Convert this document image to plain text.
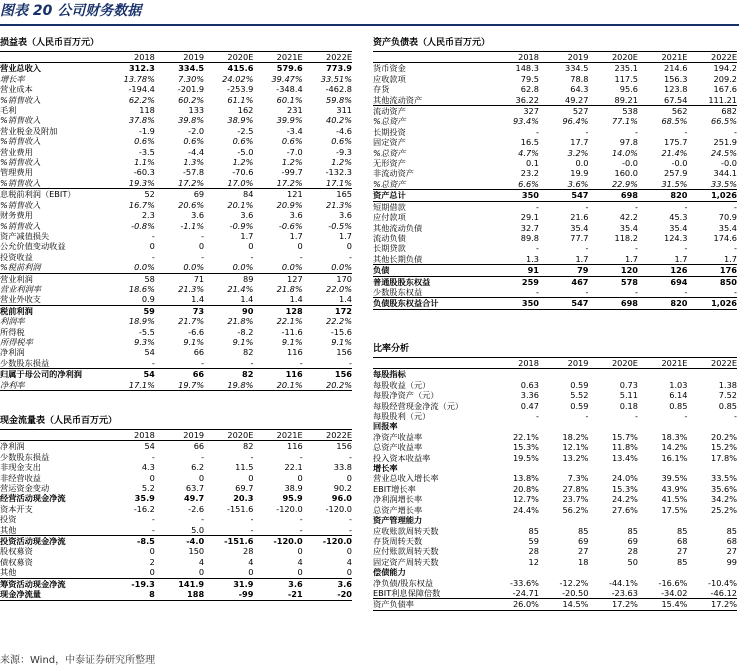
图表 20 公司财务数据
损益表（人民币百万元）
	2018	2019	2020E	2021E	2022E
营业总收入	312.3	334.5	415.6	579.6	773.9
增长率	13.78%	7.30%	24.02%	39.47%	33.51%
营业成本	-194.4	-201.9	-253.9	-348.4	-462.8
%销售收入	62.2%	60.2%	61.1%	60.1%	59.8%
毛利	118	133	162	231	311
%销售收入	37.8%	39.8%	38.9%	39.9%	40.2%
营业税金及附加	-1.9	-2.0	-2.5	-3.4	-4.6
%销售收入	0.6%	0.6%	0.6%	0.6%	0.6%
营业费用	-3.5	-4.4	-5.0	-7.0	-9.3
%销售收入	1.1%	1.3%	1.2%	1.2%	1.2%
管理费用	-60.3	-57.8	-70.6	-99.7	-132.3
%销售收入	19.3%	17.2%	17.0%	17.2%	17.1%
息税前利润（EBIT）	52	69	84	121	165
%销售收入	16.7%	20.6%	20.1%	20.9%	21.3%
财务费用	2.3	3.6	3.6	3.6	3.6
%销售收入	-0.8%	-1.1%	-0.9%	-0.6%	-0.5%
资产减值损失	-	-	1.7	1.7	1.7
公允价值变动收益	0	0	0	0	0
投资收益	-	-	-	-	-
%税前利润	0.0%	0.0%	0.0%	0.0%	0.0%
营业利润	58	71	89	127	170
营业利润率	18.6%	21.3%	21.4%	21.8%	22.0%
营业外收支	0.9	1.4	1.4	1.4	1.4
税前利润	59	73	90	128	172
利润率	18.9%	21.7%	21.8%	22.1%	22.2%
所得税	-5.5	-6.6	-8.2	-11.6	-15.6
所得税率	9.3%	9.1%	9.1%	9.1%	9.1%
净利润	54	66	82	116	156
少数股东损益	-	-	-	-	-
归属于母公司的净利润	54	66	82	116	156
净利率	17.1%	19.7%	19.8%	20.1%	20.2%
现金流量表（人民币百万元）
	2018	2019	2020E	2021E	2022E
净利润	54	66	82	116	156
少数股东损益	-	-	-	-	-
非现金支出	4.3	6.2	11.5	22.1	33.8
非经营收益	0	0	0	0	0
营运资金变动	5.2	63.7	69.7	38.9	90.2
经营活动现金净流	35.9	49.7	20.3	95.9	96.0
资本开支	-16.2	-2.6	-151.6	-120.0	-120.0
投资	-	-	-	-	-
其他	-	5.0	-	-	-
投资活动现金净流	-8.5	-4.0	-151.6	-120.0	-120.0
股权募资	0	150	28	0	0
债权募资	2	4	4	4	4
其他	0	0	0	0	0
筹资活动现金净流	-19.3	141.9	31.9	3.6	3.6
现金净流量	8	188	-99	-21	-20
资产负债表（人民币百万元）
	2018	2019	2020E	2021E	2022E
货币资金	148.3	334.5	235.1	214.6	194.2
应收款项	79.5	78.8	117.5	156.3	209.2
存货	62.8	64.3	95.6	123.8	167.6
其他流动资产	36.22	49.27	89.21	67.54	111.21
流动资产	327	527	538	562	682
%总资产	93.4%	96.4%	77.1%	68.5%	66.5%
长期投资	-	-	-	-	-
固定资产	16.5	17.7	97.8	175.7	251.9
%总资产	4.7%	3.2%	14.0%	21.4%	24.5%
无形资产	0.1	0.0	-0.0	-0.0	-0.0
非流动资产	23.2	19.9	160.0	257.9	344.1
%总资产	6.6%	3.6%	22.9%	31.5%	33.5%
资产总计	350	547	698	820	1,026
短期借款	-	-	-	-	-
应付款项	29.1	21.6	42.2	45.3	70.9
其他流动负债	32.7	35.4	35.4	35.4	35.4
流动负债	89.8	77.7	118.2	124.3	174.6
长期贷款	-	-	-	-	-
其他长期负债	1.3	1.7	1.7	1.7	1.7
负债	91	79	120	126	176
普通股股东权益	259	467	578	694	850
少数股东权益	-	-	-	-	-
负债股东权益合计	350	547	698	820	1,026
比率分析
	2018	2019	2020E	2021E	2022E
每股指标					
每股收益（元）	0.63	0.59	0.73	1.03	1.38
每股净资产（元）	3.36	5.52	5.11	6.14	7.52
每股经营现金净流（元）	0.47	0.59	0.18	0.85	0.85
每股股利（元）	-	-	-	-	-
回报率					
净资产收益率	22.1%	18.2%	15.7%	18.3%	20.2%
总资产收益率	15.3%	12.1%	11.8%	14.2%	15.2%
投入资本收益率	19.5%	13.2%	13.4%	16.1%	17.8%
增长率					
营业总收入增长率	13.8%	7.3%	24.0%	39.5%	33.5%
EBIT增长率	20.8%	27.8%	15.3%	43.9%	35.6%
净利润增长率	12.7%	23.7%	24.2%	41.5%	34.2%
总资产增长率	24.4%	56.2%	27.6%	17.5%	25.2%
资产管理能力					
应收账款周转天数	85	85	85	85	85
存货周转天数	59	69	69	68	68
应付账款周转天数	28	27	28	27	27
固定资产周转天数	12	18	50	85	99
偿债能力					
净负债/股东权益	-33.6%	-12.2%	-44.1%	-16.6%	-10.4%
EBIT利息保障倍数	-24.71	-20.50	-23.63	-34.02	-46.12
资产负债率	26.0%	14.5%	17.2%	15.4%	17.2%
来源：Wind，中泰证券研究所整理
